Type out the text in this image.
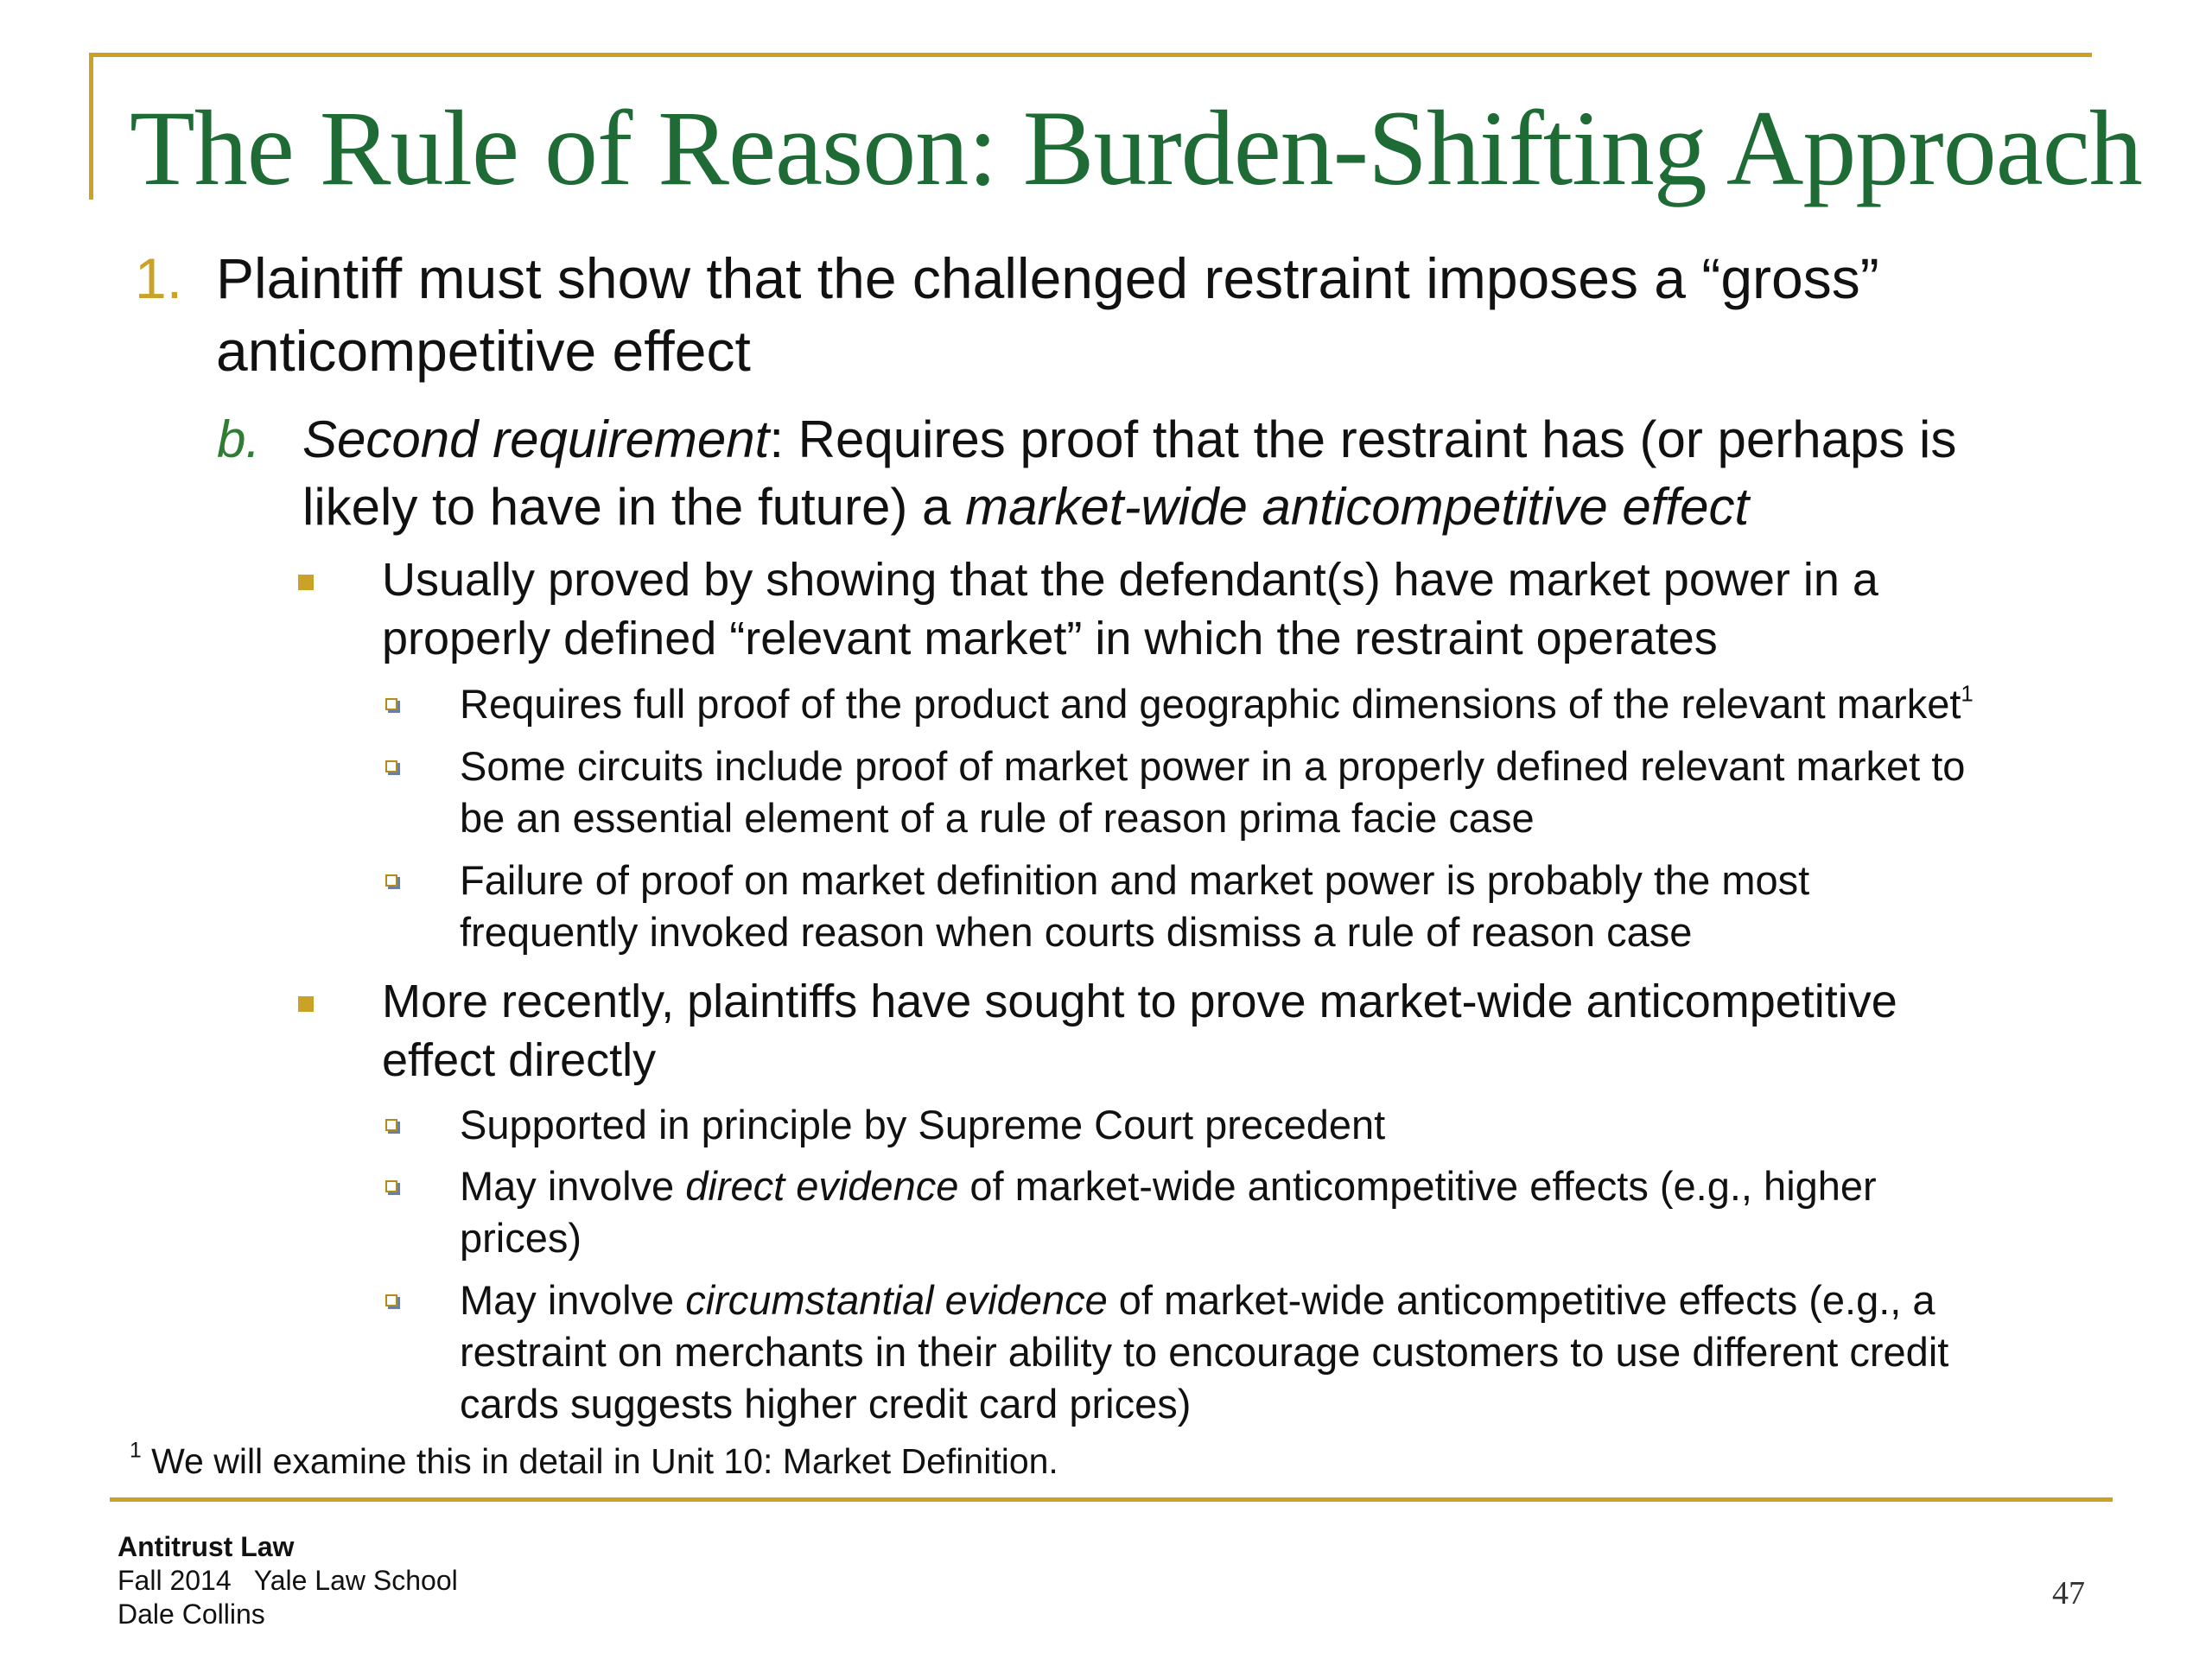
The Rule of Reason: Burden-Shifting Approach
1. Plaintiff must show that the challenged restraint imposes a “gross”
anticompetitive effect
b. Second requirement: Requires proof that the restraint has (or perhaps is
likely to have in the future) a market-wide anticompetitive effect
Usually proved by showing that the defendant(s) have market power in a
properly defined “relevant market” in which the restraint operates
Requires full proof of the product and geographic dimensions of the relevant market$^1$
Some circuits include proof of market power in a properly defined relevant market to
be an essential element of a rule of reason prima facie case
Failure of proof on market definition and market power is probably the most
frequently invoked reason when courts dismiss a rule of reason case
More recently, plaintiffs have sought to prove market-wide anticompetitive
effect directly
Supported in principle by Supreme Court precedent
May involve direct evidence of market-wide anticompetitive effects (e.g., higher
prices)
May involve circumstantial evidence of market-wide anticompetitive effects (e.g., a
restraint on merchants in their ability to encourage customers to use different credit
cards suggests higher credit card prices)
$^1$ We will examine this in detail in Unit 10: Market Definition.
Antitrust Law
Fall 2014   Yale Law School
Dale Collins
47
